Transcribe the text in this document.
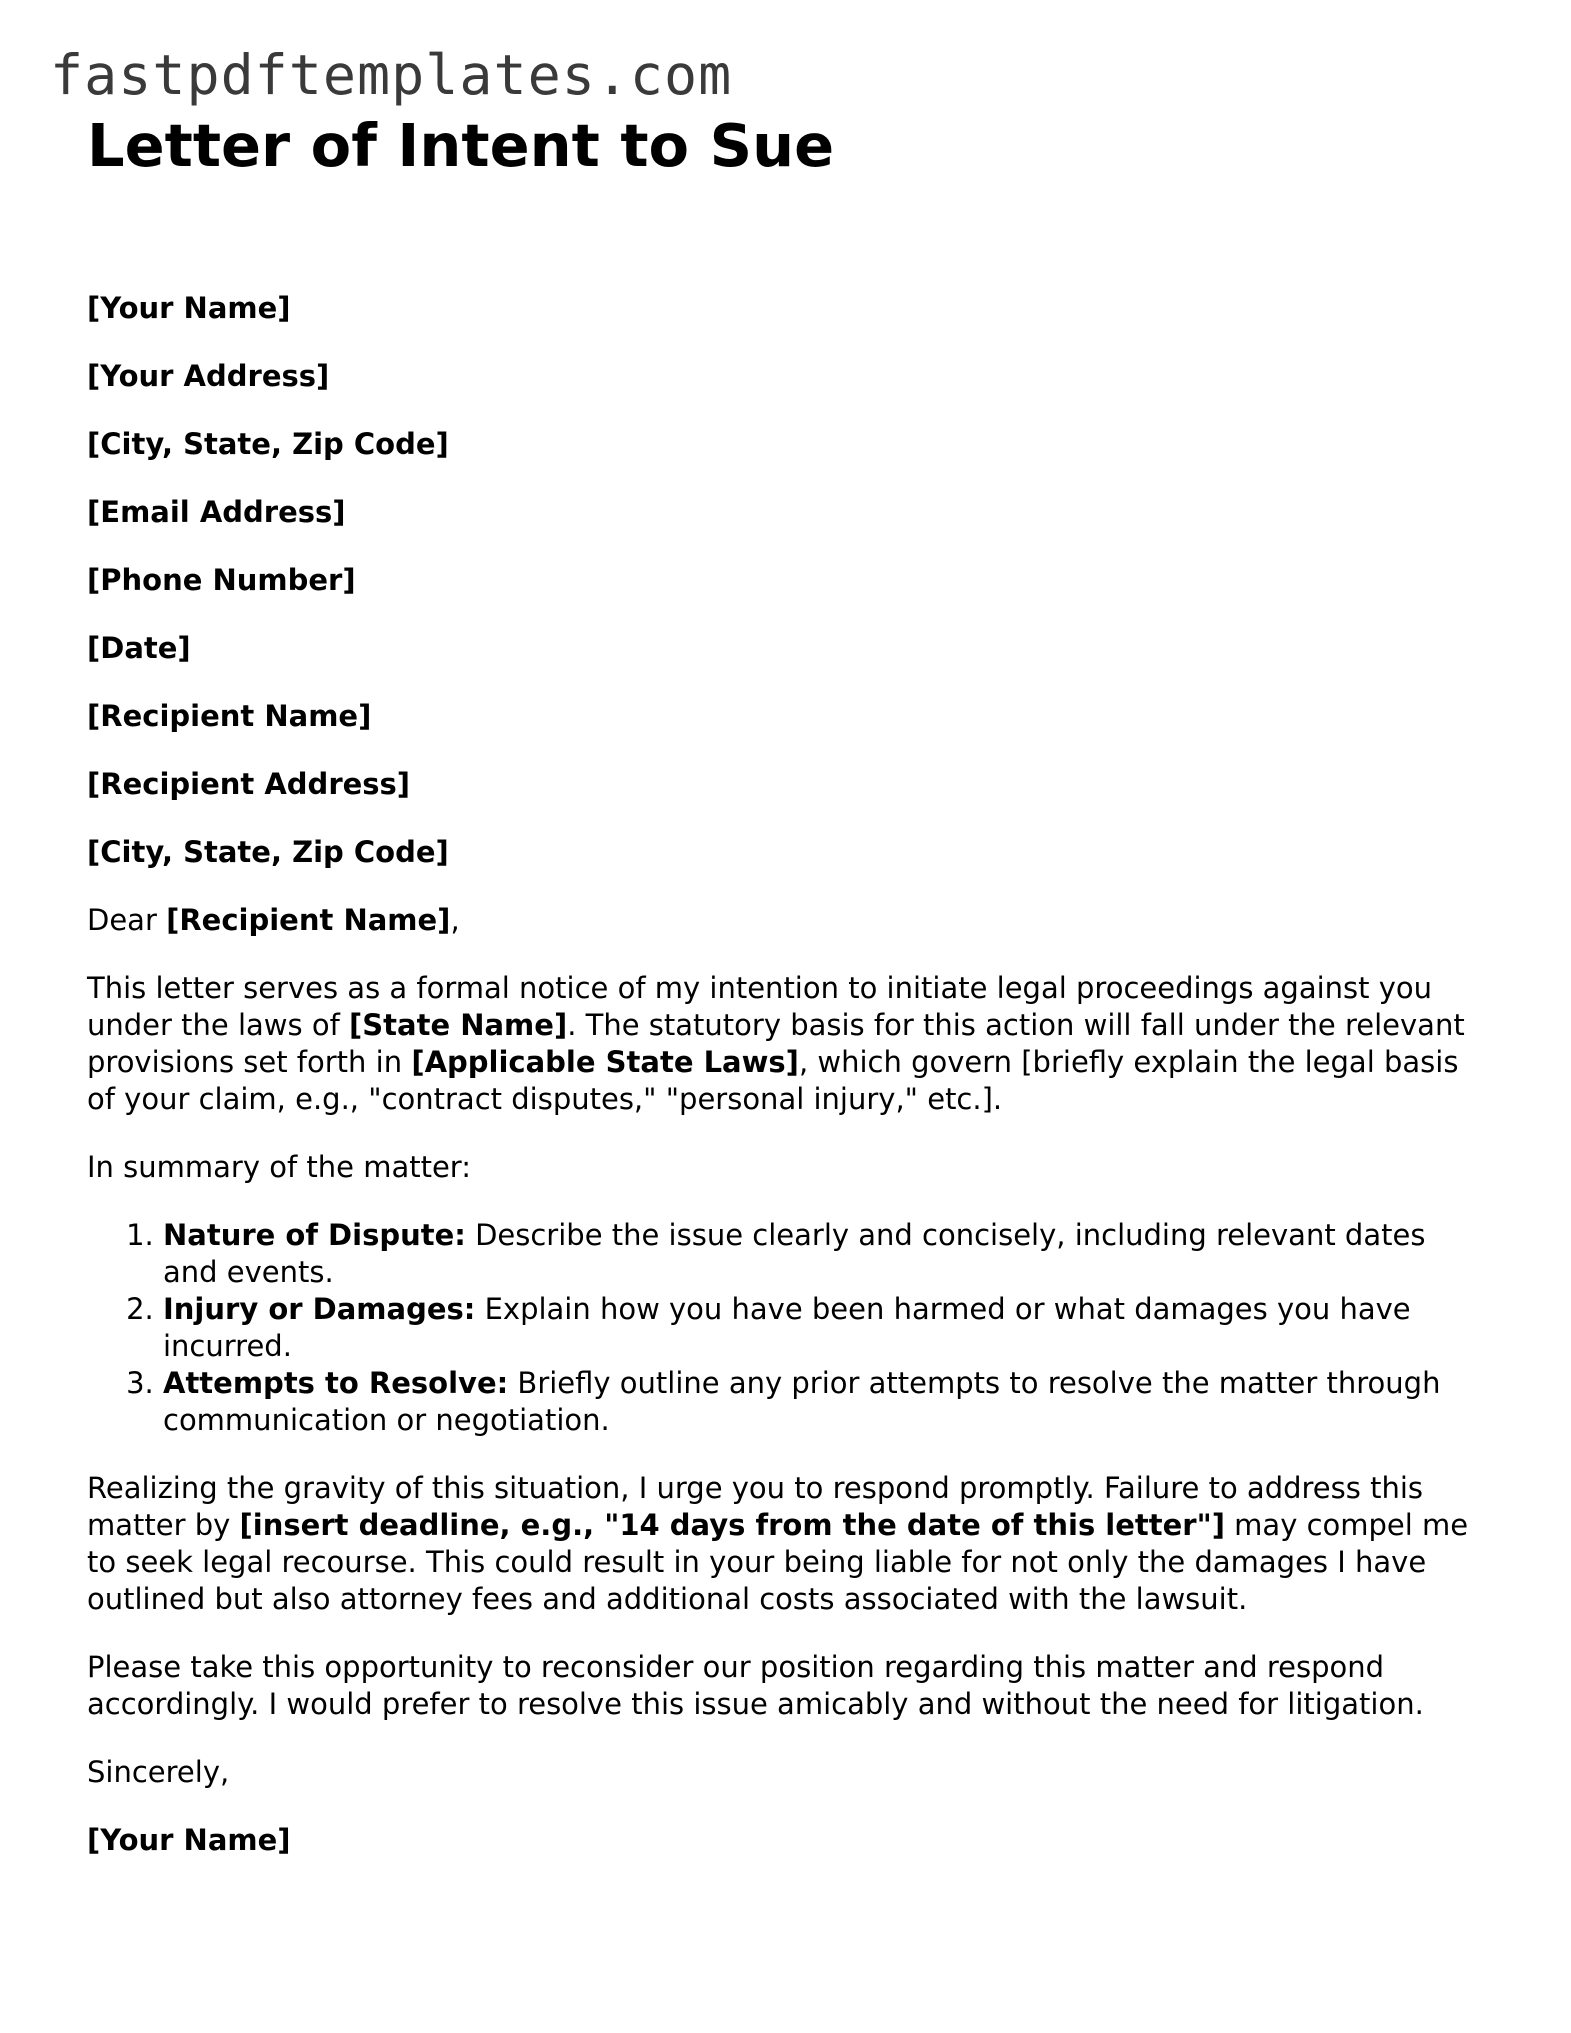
fastpdftemplates.com
Letter of Intent to Sue
[Your Name]
[Your Address]
[City, State, Zip Code]
[Email Address]
[Phone Number]
[Date]
[Recipient Name]
[Recipient Address]
[City, State, Zip Code]
Dear [Recipient Name],

This letter serves as a formal notice of my intention to initiate legal proceedings against you under the laws of [State Name]. The statutory basis for this action will fall under the relevant provisions set forth in [Applicable State Laws], which govern [briefly explain the legal basis of your claim, e.g., "contract disputes," "personal injury," etc.].

In summary of the matter:

1. Nature of Dispute: Describe the issue clearly and concisely, including relevant dates and events.
2. Injury or Damages: Explain how you have been harmed or what damages you have incurred.
3. Attempts to Resolve: Briefly outline any prior attempts to resolve the matter through communication or negotiation.

Realizing the gravity of this situation, I urge you to respond promptly. Failure to address this matter by [insert deadline, e.g., "14 days from the date of this letter"] may compel me to seek legal recourse. This could result in your being liable for not only the damages I have outlined but also attorney fees and additional costs associated with the lawsuit.

Please take this opportunity to reconsider our position regarding this matter and respond accordingly. I would prefer to resolve this issue amicably and without the need for litigation.

Sincerely,
[Your Name]
